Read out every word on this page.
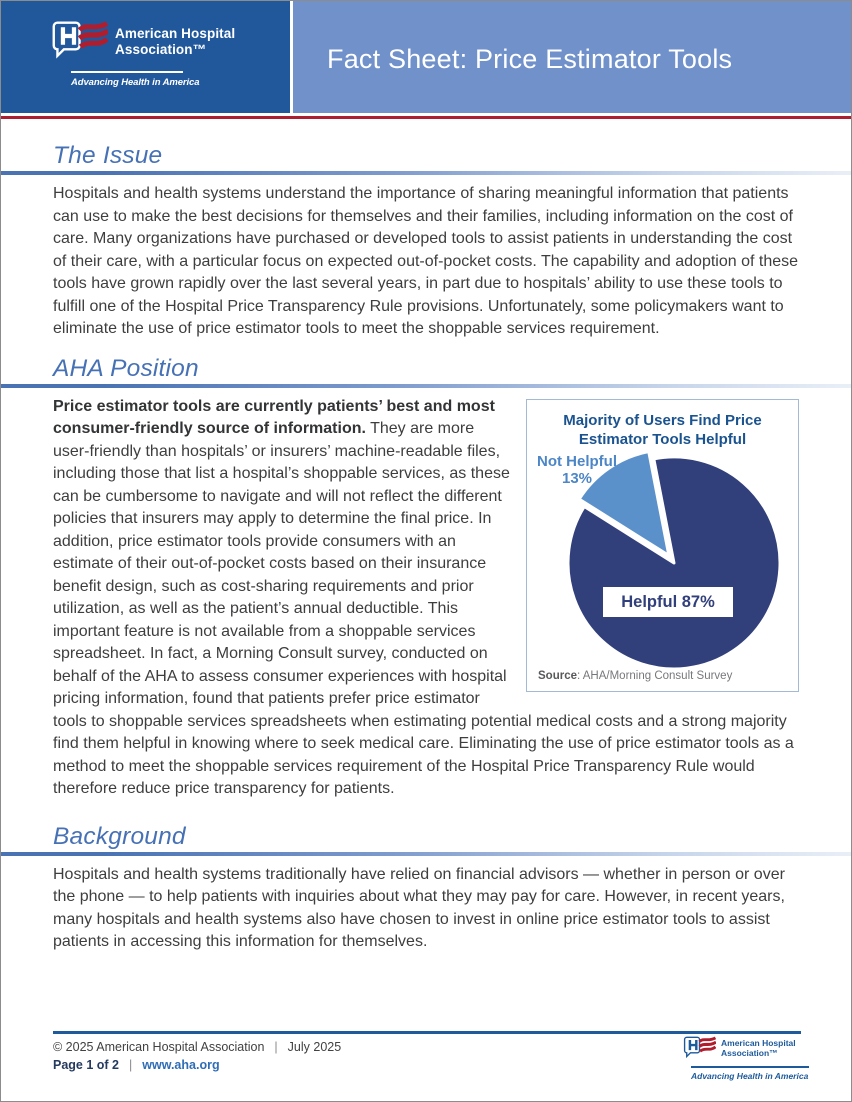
American Hospital
Association™
Advancing Health in America
Fact Sheet: Price Estimator Tools
The Issue

Hospitals and health systems understand the importance of sharing meaningful information that patients can use to make the best decisions for themselves and their families, including information on the cost of care. Many organizations have purchased or developed tools to assist patients in understanding the cost of their care, with a particular focus on expected out-of-pocket costs. The capability and adoption of these tools have grown rapidly over the last several years, in part due to hospitals’ ability to use these tools to fulfill one of the Hospital Price Transparency Rule provisions. Unfortunately, some policymakers want to eliminate the use of price estimator tools to meet the shoppable services requirement.

AHA Position
Majority of Users Find Price
Estimator Tools Helpful
Not Helpful
13%
Helpful 87%
Source: AHA/Morning Consult Survey

Price estimator tools are currently patients’ best and most consumer-friendly source of information. They are more user-friendly than hospitals’ or insurers’ machine-readable files, including those that list a hospital’s shoppable services, as these can be cumbersome to navigate and will not reflect the different policies that insurers may apply to determine the final price. In addition, price estimator tools provide consumers with an estimate of their out-of-pocket costs based on their insurance benefit design, such as cost-sharing requirements and prior utilization, as well as the patient’s annual deductible. This important feature is not available from a shoppable services spreadsheet. In fact, a Morning Consult survey, conducted on behalf of the AHA to assess consumer experiences with hospital pricing information, found that patients prefer price estimator tools to shoppable services spreadsheets when estimating potential medical costs and a strong majority find them helpful in knowing where to seek medical care. Eliminating the use of price estimator tools as a method to meet the shoppable services requirement of the Hospital Price Transparency Rule would therefore reduce price transparency for patients.

Background

Hospitals and health systems traditionally have relied on financial advisors — whether in person or over the phone — to help patients with inquiries about what they may pay for care. However, in recent years, many hospitals and health systems also have chosen to invest in online price estimator tools to assist patients in accessing this information for themselves.

© 2025 American Hospital Association | July 2025
Page 1 of 2 | www.aha.org
American Hospital
Association™
Advancing Health in America
